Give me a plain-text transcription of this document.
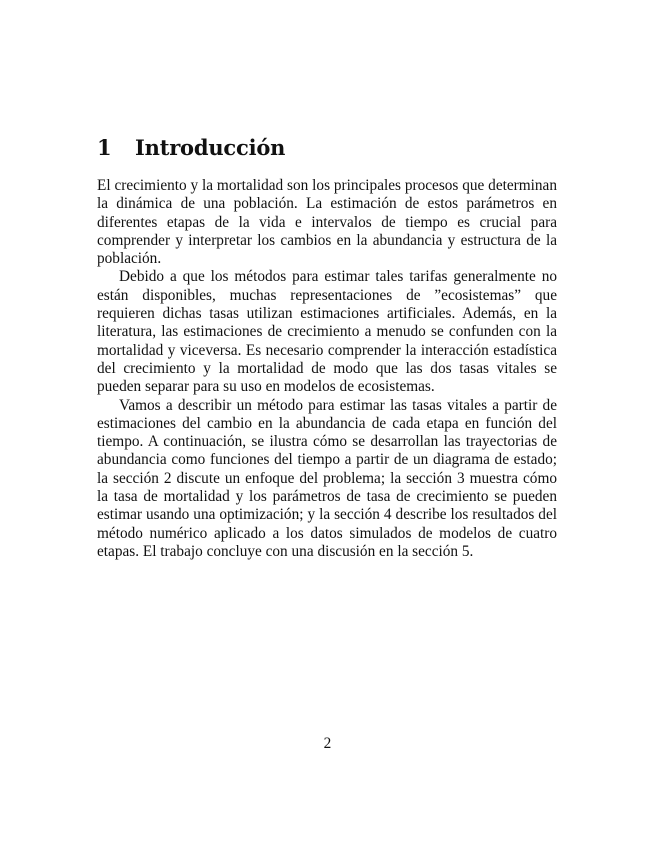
1 Introducción

El crecimiento y la mortalidad son los principales procesos que determinan la dinámica de una población. La estimación de estos parámetros en diferentes etapas de la vida e intervalos de tiempo es crucial para comprender y interpretar los cambios en la abundancia y estructura de la población.

Debido a que los métodos para estimar tales tarifas generalmente no están disponibles, muchas representaciones de ”ecosistemas” que requieren dichas tasas utilizan estimaciones artificiales. Además, en la literatura, las estimaciones de crecimiento a menudo se confunden con la mortalidad y viceversa. Es necesario comprender la interacción estadística del crecimiento y la mortalidad de modo que las dos tasas vitales se pueden separar para su uso en modelos de ecosistemas.

Vamos a describir un método para estimar las tasas vitales a partir de estimaciones del cambio en la abundancia de cada etapa en función del tiempo. A continuación, se ilustra cómo se desarrollan las trayectorias de abundancia como funciones del tiempo a partir de un diagrama de estado; la sección 2 discute un enfoque del problema; la sección 3 muestra cómo la tasa de mortalidad y los parámetros de tasa de crecimiento se pueden estimar usando una optimización; y la sección 4 describe los resultados del método numérico aplicado a los datos simulados de modelos de cuatro etapas. El trabajo concluye con una discusión en la sección 5.

2
